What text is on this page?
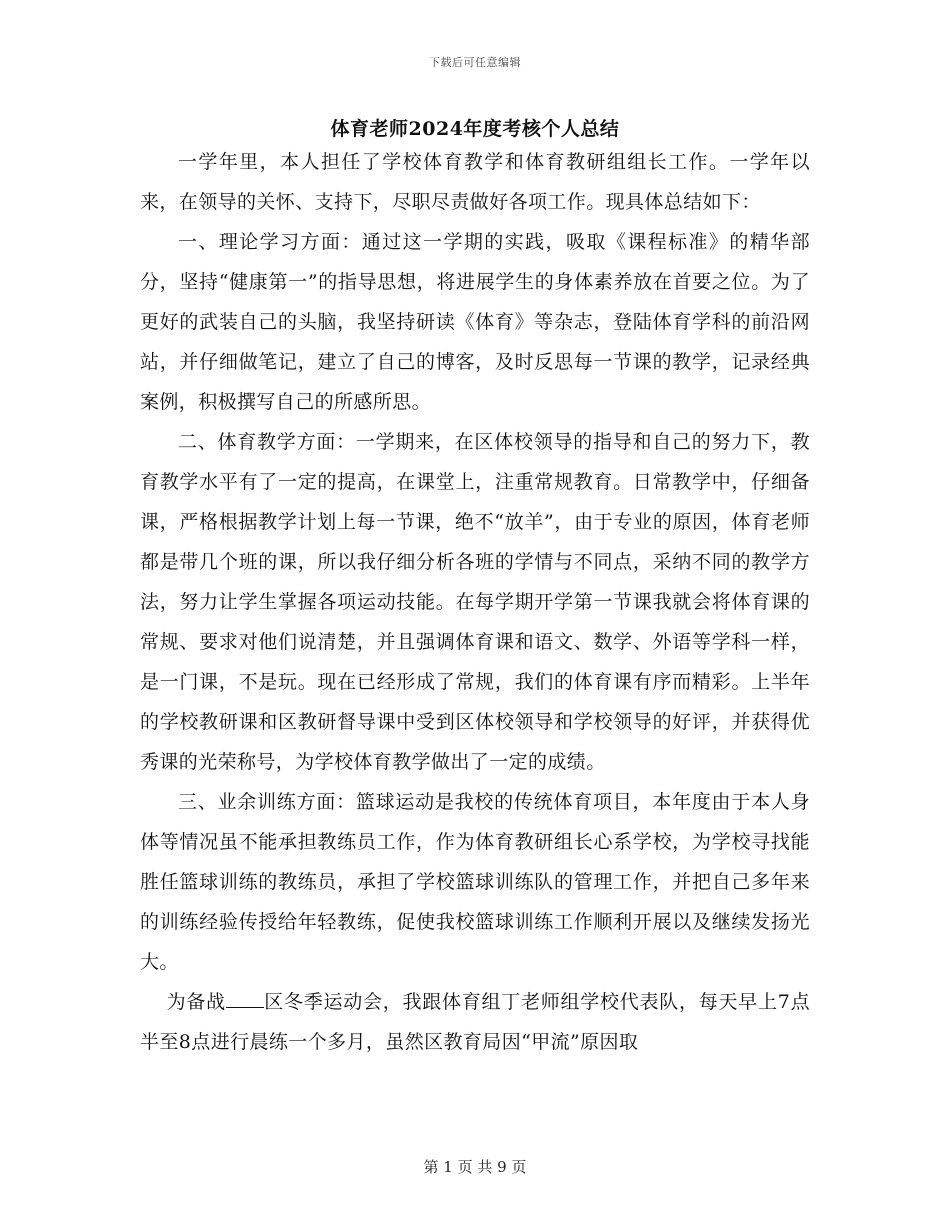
下载后可任意编辑
体育老师2024年度考核个人总结

一学年里，本人担任了学校体育教学和体育教研组组长工作。一学年以来，在领导的关怀、支持下，尽职尽责做好各项工作。现具体总结如下：

一、理论学习方面：通过这一学期的实践，吸取《课程标准》的精华部分，坚持“健康第一”的指导思想，将进展学生的身体素养放在首要之位。为了更好的武装自己的头脑，我坚持研读《体育》等杂志，登陆体育学科的前沿网站，并仔细做笔记，建立了自己的博客，及时反思每一节课的教学，记录经典案例，积极撰写自己的所感所思。

二、体育教学方面：一学期来，在区体校领导的指导和自己的努力下，教育教学水平有了一定的提高，在课堂上，注重常规教育。日常教学中，仔细备课，严格根据教学计划上每一节课，绝不“放羊”，由于专业的原因，体育老师都是带几个班的课，所以我仔细分析各班的学情与不同点，采纳不同的教学方法，努力让学生掌握各项运动技能。在每学期开学第一节课我就会将体育课的常规、要求对他们说清楚，并且强调体育课和语文、数学、外语等学科一样，是一门课，不是玩。现在已经形成了常规，我们的体育课有序而精彩。上半年的学校教研课和区教研督导课中受到区体校领导和学校领导的好评，并获得优秀课的光荣称号，为学校体育教学做出了一定的成绩。

三、业余训练方面：篮球运动是我校的传统体育项目，本年度由于本人身体等情况虽不能承担教练员工作，作为体育教研组长心系学校，为学校寻找能胜任篮球训练的教练员，承担了学校篮球训练队的管理工作，并把自己多年来的训练经验传授给年轻教练，促使我校篮球训练工作顺利开展以及继续发扬光大。

为备战 区冬季运动会，我跟体育组丁老师组学校代表队，每天早上7点半至8点进行晨练一个多月，虽然区教育局因“甲流”原因取

第 1 页 共 9 页
